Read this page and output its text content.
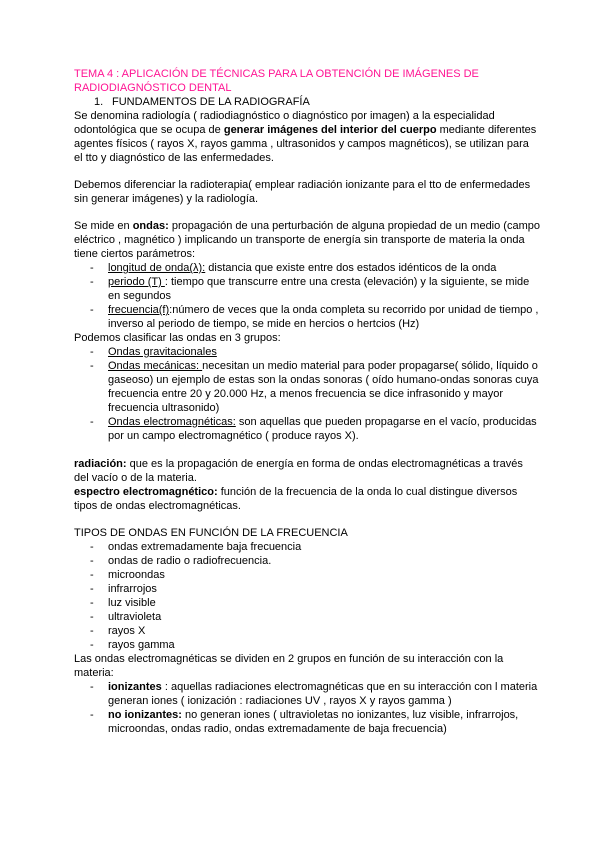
TEMA 4 : APLICACIÓN DE TÉCNICAS PARA LA OBTENCIÓN DE IMÁGENES DE RADIODIAGNÓSTICO DENTAL

1. FUNDAMENTOS DE LA RADIOGRAFÍA

Se denomina radiología ( radiodiagnóstico o diagnóstico por imagen) a la especialidad odontológica que se ocupa de generar imágenes del interior del cuerpo mediante diferentes agentes físicos ( rayos X, rayos gamma , ultrasonidos y campos magnéticos), se utilizan para el tto y diagnóstico de las enfermedades.

Debemos diferenciar la radioterapia( emplear radiación ionizante para el tto de enfermedades sin generar imágenes) y la radiología.

Se mide en ondas: propagación de una perturbación de alguna propiedad de un medio (campo eléctrico , magnético ) implicando un transporte de energía sin transporte de materia la onda tiene ciertos parámetros:

- longitud de onda(λ): distancia que existe entre dos estados idénticos de la onda
- periodo (T) : tiempo que transcurre entre una cresta (elevación) y la siguiente, se mide en segundos
- frecuencia(f):número de veces que la onda completa su recorrido por unidad de tiempo , inverso al periodo de tiempo, se mide en hercios o hertcios (Hz)

Podemos clasificar las ondas en 3 grupos:

- Ondas gravitacionales
- Ondas mecánicas: necesitan un medio material para poder propagarse( sólido, líquido o gaseoso) un ejemplo de estas son la ondas sonoras ( oído humano-ondas sonoras cuya frecuencia entre 20 y 20.000 Hz, a menos frecuencia se dice infrasonido y mayor frecuencia ultrasonido)
- Ondas electromagnéticas: son aquellas que pueden propagarse en el vacío, producidas por un campo electromagnético ( produce rayos X).

radiación: que es la propagación de energía en forma de ondas electromagnéticas a través del vacío o de la materia.

espectro electromagnético: función de la frecuencia de la onda lo cual distingue diversos tipos de ondas electromagnéticas.

TIPOS DE ONDAS EN FUNCIÓN DE LA FRECUENCIA

- ondas extremadamente baja frecuencia
- ondas de radio o radiofrecuencia.
- microondas
- infrarrojos
- luz visible
- ultravioleta
- rayos X
- rayos gamma

Las ondas electromagnéticas se dividen en 2 grupos en función de su interacción con la materia:

- ionizantes : aquellas radiaciones electromagnéticas que en su interacción con l materia generan iones ( ionización : radiaciones UV , rayos X y rayos gamma )
- no ionizantes: no generan iones ( ultravioletas no ionizantes, luz visible, infrarrojos, microondas, ondas radio, ondas extremadamente de baja frecuencia)
